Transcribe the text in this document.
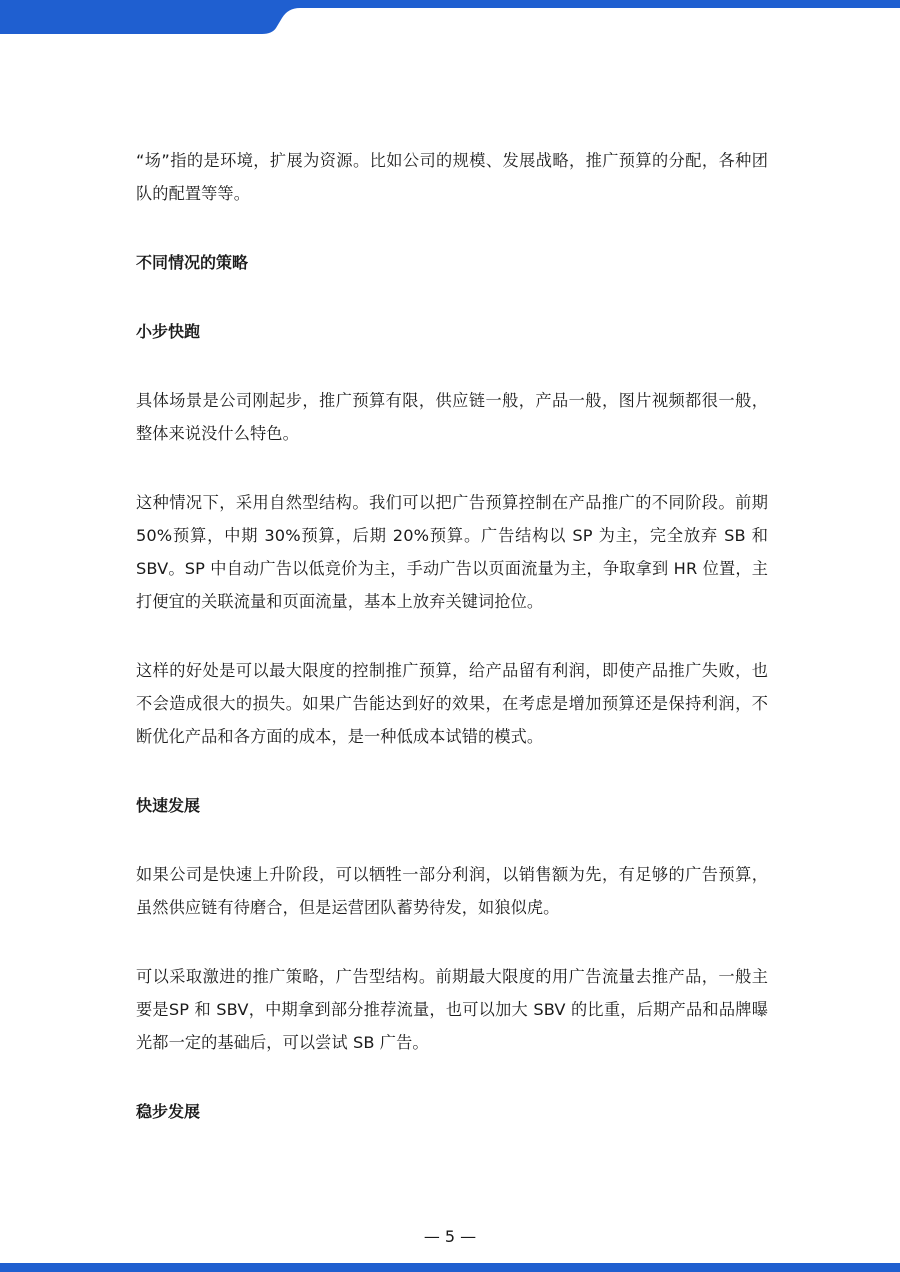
“场”指的是环境，扩展为资源。比如公司的规模、发展战略，推广预算的分配，各种团队的配置等等。

不同情况的策略

小步快跑

具体场景是公司刚起步，推广预算有限，供应链一般，产品一般，图片视频都很一般，整体来说没什么特色。

这种情况下，采用自然型结构。我们可以把广告预算控制在产品推广的不同阶段。前期 50%预算，中期 30%预算，后期 20%预算。广告结构以 SP 为主，完全放弃 SB 和 SBV。SP 中自动广告以低竞价为主，手动广告以页面流量为主，争取拿到 HR 位置，主打便宜的关联流量和页面流量，基本上放弃关键词抢位。

这样的好处是可以最大限度的控制推广预算，给产品留有利润，即使产品推广失败，也不会造成很大的损失。如果广告能达到好的效果，在考虑是增加预算还是保持利润，不断优化产品和各方面的成本，是一种低成本试错的模式。

快速发展

如果公司是快速上升阶段，可以牺牲一部分利润，以销售额为先，有足够的广告预算，虽然供应链有待磨合，但是运营团队蓄势待发，如狼似虎。

可以采取激进的推广策略，广告型结构。前期最大限度的用广告流量去推产品，一般主要是SP 和 SBV，中期拿到部分推荐流量，也可以加大 SBV 的比重，后期产品和品牌曝光都一定的基础后，可以尝试 SB 广告。

稳步发展

— 5 —
